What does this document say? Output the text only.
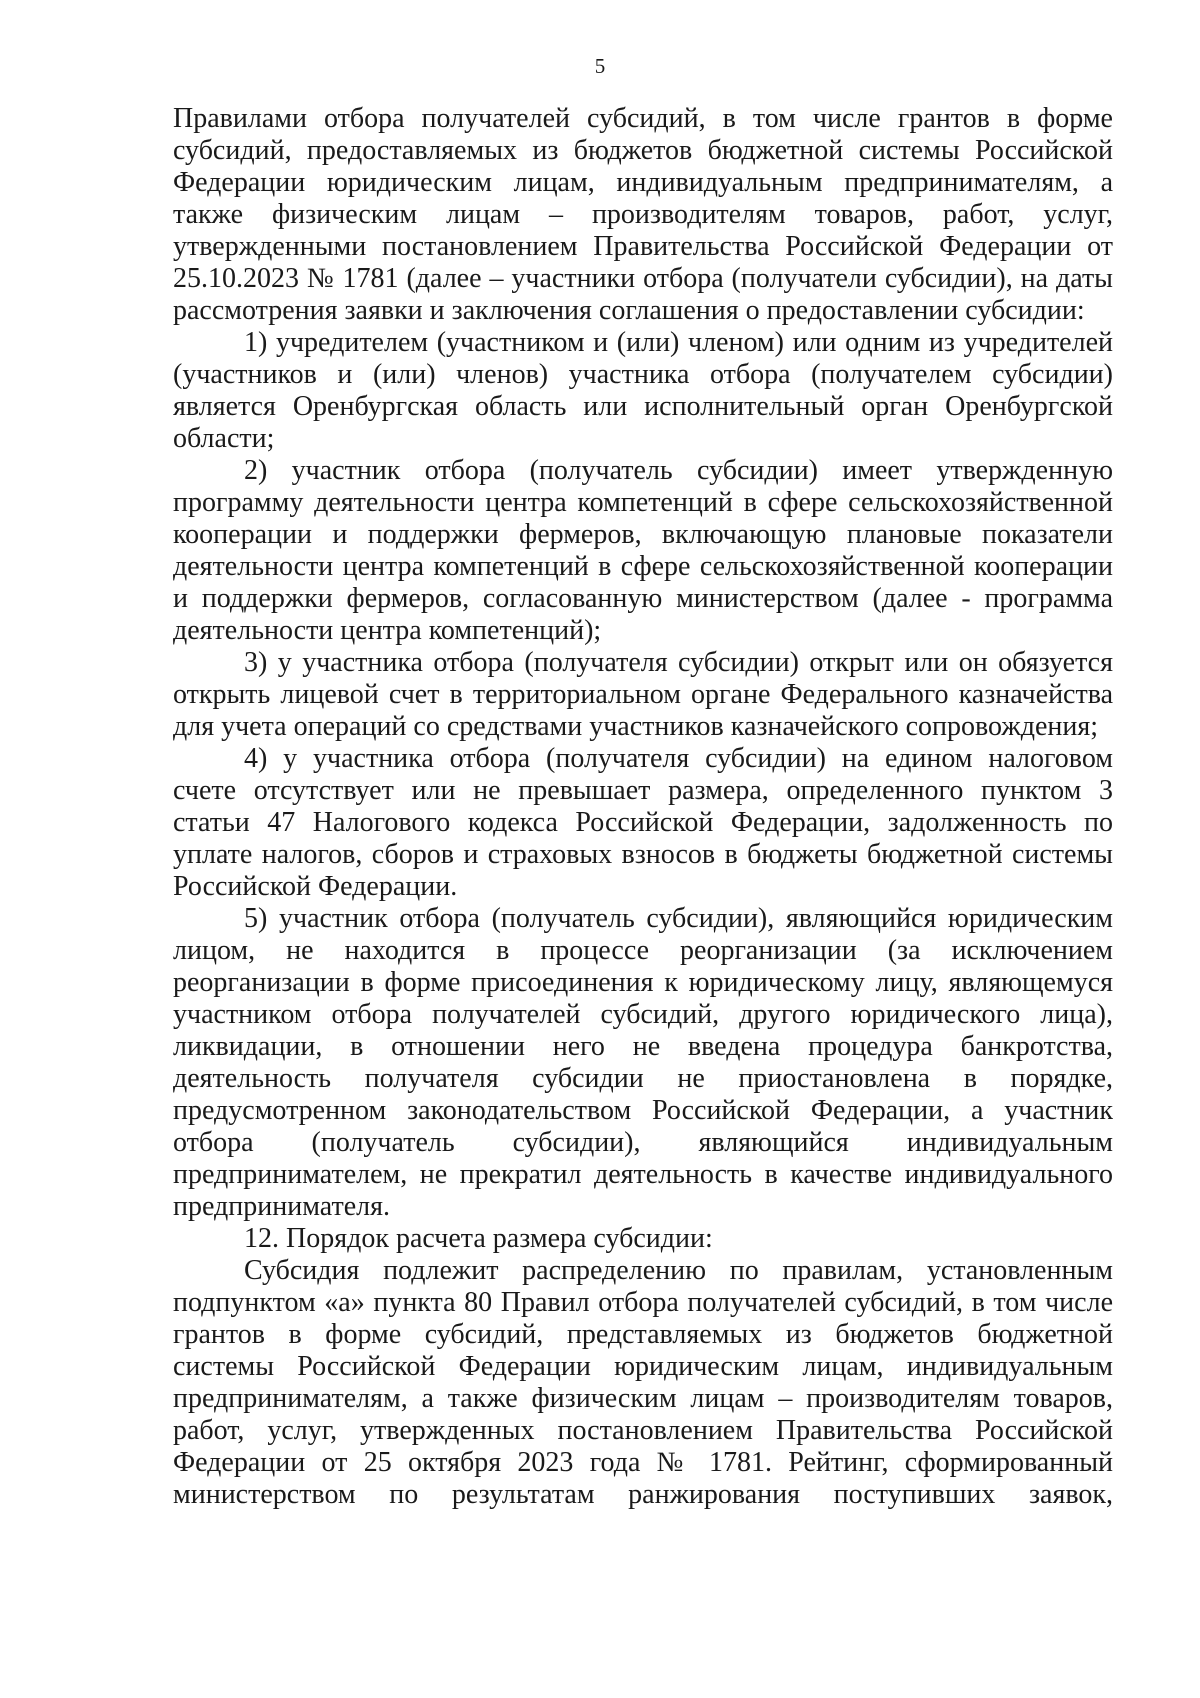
5
Правилами отбора получателей субсидий, в том числе грантов в форме
субсидий, предоставляемых из бюджетов бюджетной системы Российской
Федерации юридическим лицам, индивидуальным предпринимателям, а
также физическим лицам – производителям товаров, работ, услуг,
утвержденными постановлением Правительства Российской Федерации от
25.10.2023 № 1781 (далее – участники отбора (получатели субсидии), на даты
рассмотрения заявки и заключения соглашения о предоставлении субсидии:
1) учредителем (участником и (или) членом) или одним из учредителей
(участников и (или) членов) участника отбора (получателем субсидии)
является Оренбургская область или исполнительный орган Оренбургской
области;
2) участник отбора (получатель субсидии) имеет утвержденную
программу деятельности центра компетенций в сфере сельскохозяйственной
кооперации и поддержки фермеров, включающую плановые показатели
деятельности центра компетенций в сфере сельскохозяйственной кооперации
и поддержки фермеров, согласованную министерством (далее - программа
деятельности центра компетенций);
3) у участника отбора (получателя субсидии) открыт или он обязуется
открыть лицевой счет в территориальном органе Федерального казначейства
для учета операций со средствами участников казначейского сопровождения;
4) у участника отбора (получателя субсидии) на едином налоговом
счете отсутствует или не превышает размера, определенного пунктом 3
статьи 47 Налогового кодекса Российской Федерации, задолженность по
уплате налогов, сборов и страховых взносов в бюджеты бюджетной системы
Российской Федерации.
5) участник отбора (получатель субсидии), являющийся юридическим
лицом, не находится в процессе реорганизации (за исключением
реорганизации в форме присоединения к юридическому лицу, являющемуся
участником отбора получателей субсидий, другого юридического лица),
ликвидации, в отношении него не введена процедура банкротства,
деятельность получателя субсидии не приостановлена в порядке,
предусмотренном законодательством Российской Федерации, а участник
отбора (получатель субсидии), являющийся индивидуальным
предпринимателем, не прекратил деятельность в качестве индивидуального
предпринимателя.
12. Порядок расчета размера субсидии:
Субсидия подлежит распределению по правилам, установленным
подпунктом «а» пункта 80 Правил отбора получателей субсидий, в том числе
грантов в форме субсидий, представляемых из бюджетов бюджетной
системы Российской Федерации юридическим лицам, индивидуальным
предпринимателям, а также физическим лицам – производителям товаров,
работ, услуг, утвержденных постановлением Правительства Российской
Федерации от 25 октября 2023 года № 1781. Рейтинг, сформированный
министерством по результатам ранжирования поступивших заявок,
